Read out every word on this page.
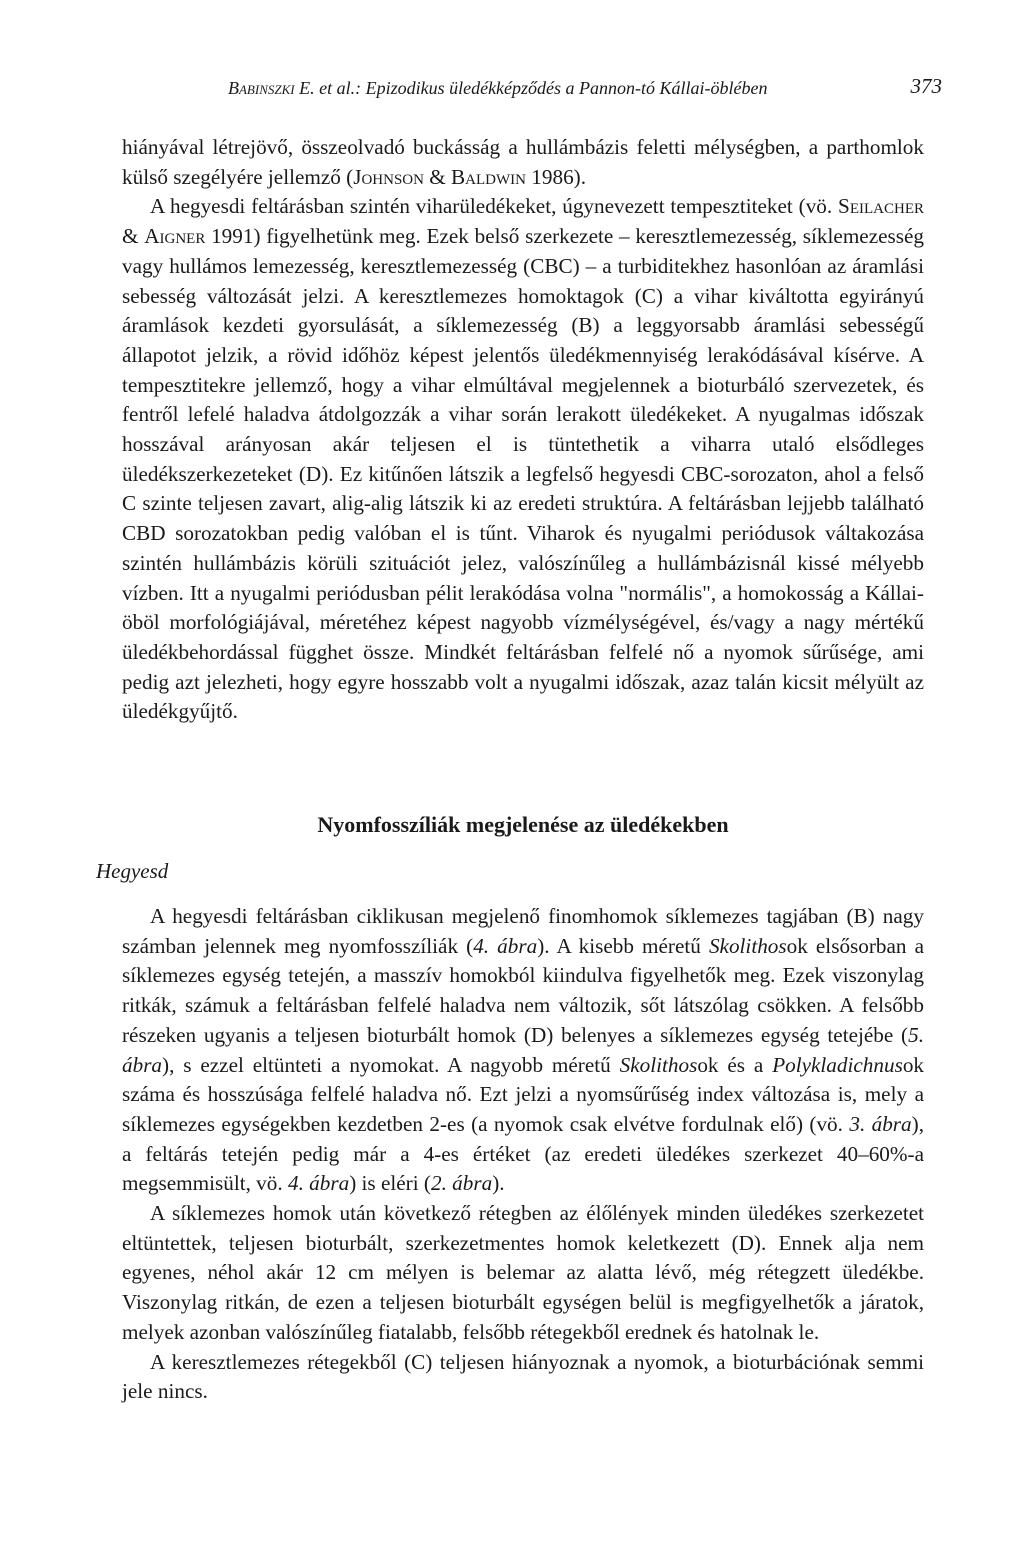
Babinszki E. et al.: Epizodikus üledékképződés a Pannon-tó Kállai-öblében	373

hiányával létrejövő, összeolvadó buckásság a hullámbázis feletti mélységben, a parthomlok külső szegélyére jellemző (Johnson & Baldwin 1986).

A hegyesdi feltárásban szintén viharüledékeket, úgynevezett tempesztiteket (vö. Seilacher & Aigner 1991) figyelhetünk meg. Ezek belső szerkezete – keresztlemezesség, síklemezesség vagy hullámos lemezesség, keresztlemezesség (CBC) – a turbiditekhez hasonlóan az áramlási sebesség változását jelzi. A keresztlemezes homoktagok (C) a vihar kiváltotta egyirányú áramlások kezdeti gyorsulását, a síklemezesség (B) a leggyorsabb áramlási sebességű állapotot jelzik, a rövid időhöz képest jelentős üledékmennyiség lerakódásával kísérve. A tempesztitekre jellemző, hogy a vihar elmúltával megjelennek a bioturbáló szervezetek, és fentről lefelé haladva átdolgozzák a vihar során lerakott üledékeket. A nyugalmas időszak hosszával arányosan akár teljesen el is tüntethetik a viharra utaló elsődleges üledékszerkezeteket (D). Ez kitűnően látszik a legfelső hegyesdi CBC-sorozaton, ahol a felső C szinte teljesen zavart, alig-alig látszik ki az eredeti struktúra. A feltárásban lejjebb található CBD sorozatokban pedig valóban el is tűnt. Viharok és nyugalmi periódusok váltakozása szintén hullámbázis körüli szituációt jelez, valószínűleg a hullámbázisnál kissé mélyebb vízben. Itt a nyugalmi periódusban pélit lerakódása volna "normális", a homokosság a Kállai-öböl morfológiájával, méretéhez képest nagyobb vízmélységével, és/vagy a nagy mértékű üledékbehordással függhet össze. Mindkét feltárásban felfelé nő a nyomok sűrűsége, ami pedig azt jelezheti, hogy egyre hosszabb volt a nyugalmi időszak, azaz talán kicsit mélyült az üledékgyűjtő.

Nyomfosszíliák megjelenése az üledékekben
Hegyesd

A hegyesdi feltárásban ciklikusan megjelenő finomhomok síklemezes tagjában (B) nagy számban jelennek meg nyomfosszíliák (4. ábra). A kisebb méretű Skolithosok elsősorban a síklemezes egység tetején, a masszív homokból kiindulva figyelhetők meg. Ezek viszonylag ritkák, számuk a feltárásban felfelé haladva nem változik, sőt látszólag csökken. A felsőbb részeken ugyanis a teljesen bioturbált homok (D) belenyes a síklemezes egység tetejébe (5. ábra), s ezzel eltünteti a nyomokat. A nagyobb méretű Skolithosok és a Polykladichnusok száma és hosszúsága felfelé haladva nő. Ezt jelzi a nyomsűrűség index változása is, mely a síklemezes egységekben kezdetben 2-es (a nyomok csak elvétve fordulnak elő) (vö. 3. ábra), a feltárás tetején pedig már a 4-es értéket (az eredeti üledékes szerkezet 40–60%-a megsemmisült, vö. 4. ábra) is eléri (2. ábra).

A síklemezes homok után következő rétegben az élőlények minden üledékes szerkezetet eltüntettek, teljesen bioturbált, szerkezetmentes homok keletkezett (D). Ennek alja nem egyenes, néhol akár 12 cm mélyen is belemar az alatta lévő, még rétegzett üledékbe. Viszonylag ritkán, de ezen a teljesen bioturbált egységen belül is megfigyelhetők a járatok, melyek azonban valószínűleg fiatalabb, felsőbb rétegekből erednek és hatolnak le.

A keresztlemezes rétegekből (C) teljesen hiányoznak a nyomok, a bioturbációnak semmi jele nincs.
